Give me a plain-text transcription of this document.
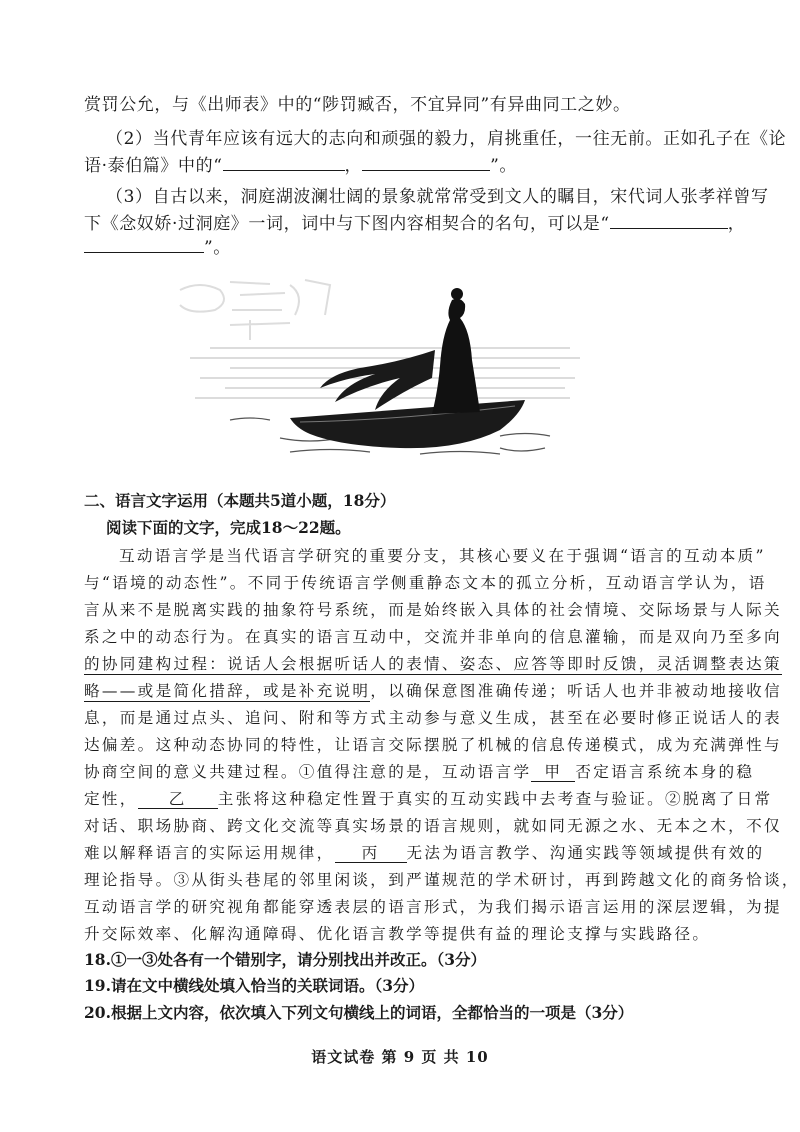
赏罚公允，与《出师表》中的“陟罚臧否，不宜异同”有异曲同工之妙。
（2）当代青年应该有远大的志向和顽强的毅力，肩挑重任，一往无前。正如孔子在《论
语·泰伯篇》中的“	，	”。
（3）自古以来，洞庭湖波澜壮阔的景象就常常受到文人的瞩目，宋代词人张孝祥曾写
下《念奴娇·过洞庭》一词，词中与下图内容相契合的名句，可以是“	，
”。
二、语言文字运用（本题共5道小题，18分）
阅读下面的文字，完成18～22题。
互动语言学是当代语言学研究的重要分支，其核心要义在于强调“语言的互动本质”
与“语境的动态性”。不同于传统语言学侧重静态文本的孤立分析，互动语言学认为，语
言从来不是脱离实践的抽象符号系统，而是始终嵌入具体的社会情境、交际场景与人际关
系之中的动态行为。在真实的语言互动中，交流并非单向的信息灌输，而是双向乃至多向
的协同建构过程：说话人会根据听话人的表情、姿态、应答等即时反馈，灵活调整表达策
略——或是简化措辞，或是补充说明，以确保意图准确传递；听话人也并非被动地接收信
息，而是通过点头、追问、附和等方式主动参与意义生成，甚至在必要时修正说话人的表
达偏差。这种动态协同的特性，让语言交际摆脱了机械的信息传递模式，成为充满弹性与
协商空间的意义共建过程。①值得注意的是，互动语言学 甲 否定语言系统本身的稳
定性， 乙 主张将这种稳定性置于真实的互动实践中去考查与验证。②脱离了日常
对话、职场胁商、跨文化交流等真实场景的语言规则，就如同无源之水、无本之木，不仅
难以解释语言的实际运用规律， 丙 无法为语言教学、沟通实践等领域提供有效的
理论指导。③从街头巷尾的邻里闲谈，到严谨规范的学术研讨，再到跨越文化的商务恰谈，
互动语言学的研究视角都能穿透表层的语言形式，为我们揭示语言运用的深层逻辑，为提
升交际效率、化解沟通障碍、优化语言教学等提供有益的理论支撑与实践路径。
18.①一③处各有一个错别字，请分别找出并改正。（3分）
19.请在文中横线处填入恰当的关联词语。（3分）
20.根据上文内容，依次填入下列文句横线上的词语，全都恰当的一项是（3分）
语文试卷 第 9 页 共 10
